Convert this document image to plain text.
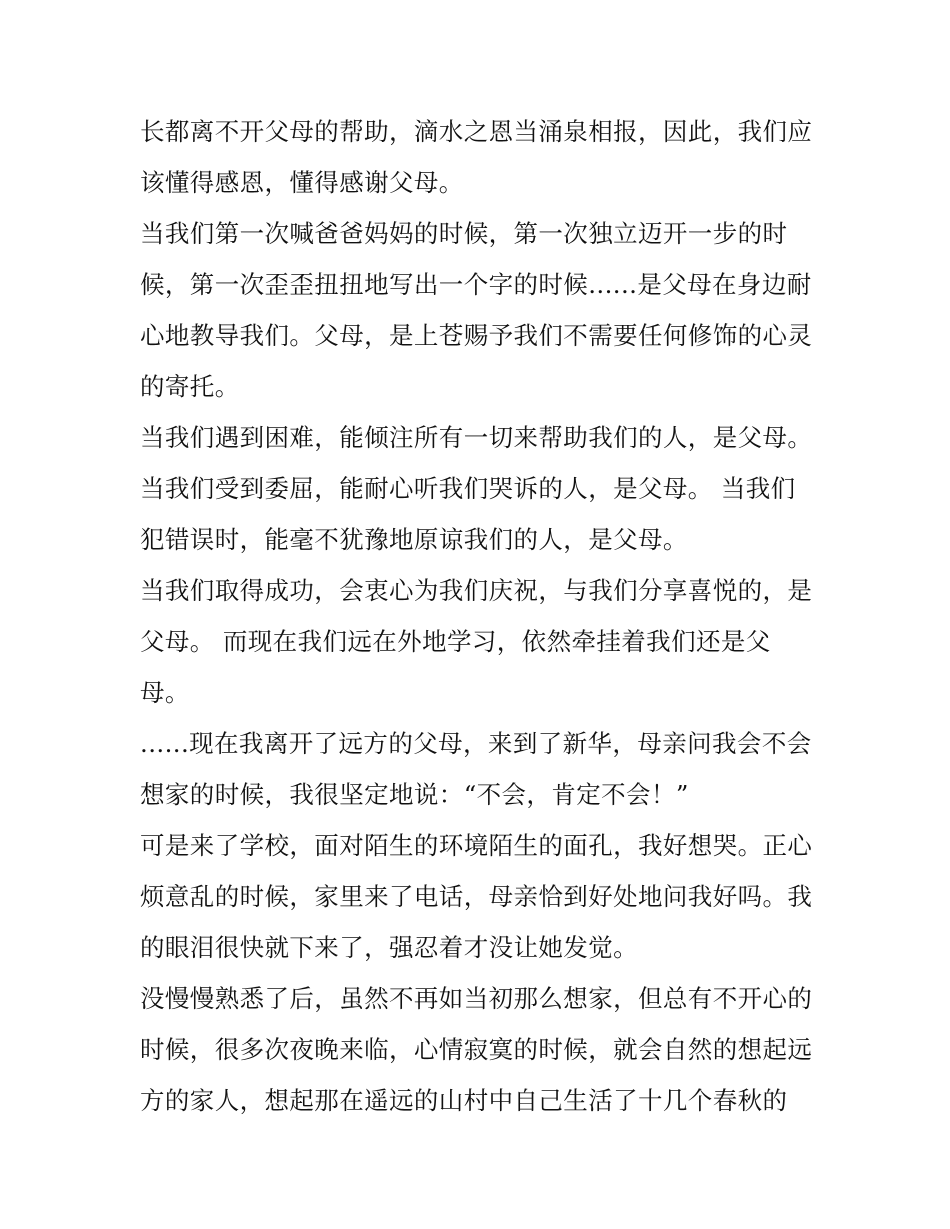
长都离不开父母的帮助，滴水之恩当涌泉相报，因此，我们应
该懂得感恩，懂得感谢父母。
当我们第一次喊爸爸妈妈的时候，第一次独立迈开一步的时
候，第一次歪歪扭扭地写出一个字的时候......是父母在身边耐
心地教导我们。父母，是上苍赐予我们不需要任何修饰的心灵
的寄托。
当我们遇到困难，能倾注所有一切来帮助我们的人，是父母。
当我们受到委屈，能耐心听我们哭诉的人，是父母。 当我们
犯错误时，能毫不犹豫地原谅我们的人，是父母。
当我们取得成功，会衷心为我们庆祝，与我们分享喜悦的，是
父母。 而现在我们远在外地学习，依然牵挂着我们还是父
母。
......现在我离开了远方的父母，来到了新华，母亲问我会不会
想家的时候，我很坚定地说：“不会，肯定不会！”
可是来了学校，面对陌生的环境陌生的面孔，我好想哭。正心
烦意乱的时候，家里来了电话，母亲恰到好处地问我好吗。我
的眼泪很快就下来了，强忍着才没让她发觉。
没慢慢熟悉了后，虽然不再如当初那么想家，但总有不开心的
时候，很多次夜晚来临，心情寂寞的时候，就会自然的想起远
方的家人，想起那在遥远的山村中自己生活了十几个春秋的
